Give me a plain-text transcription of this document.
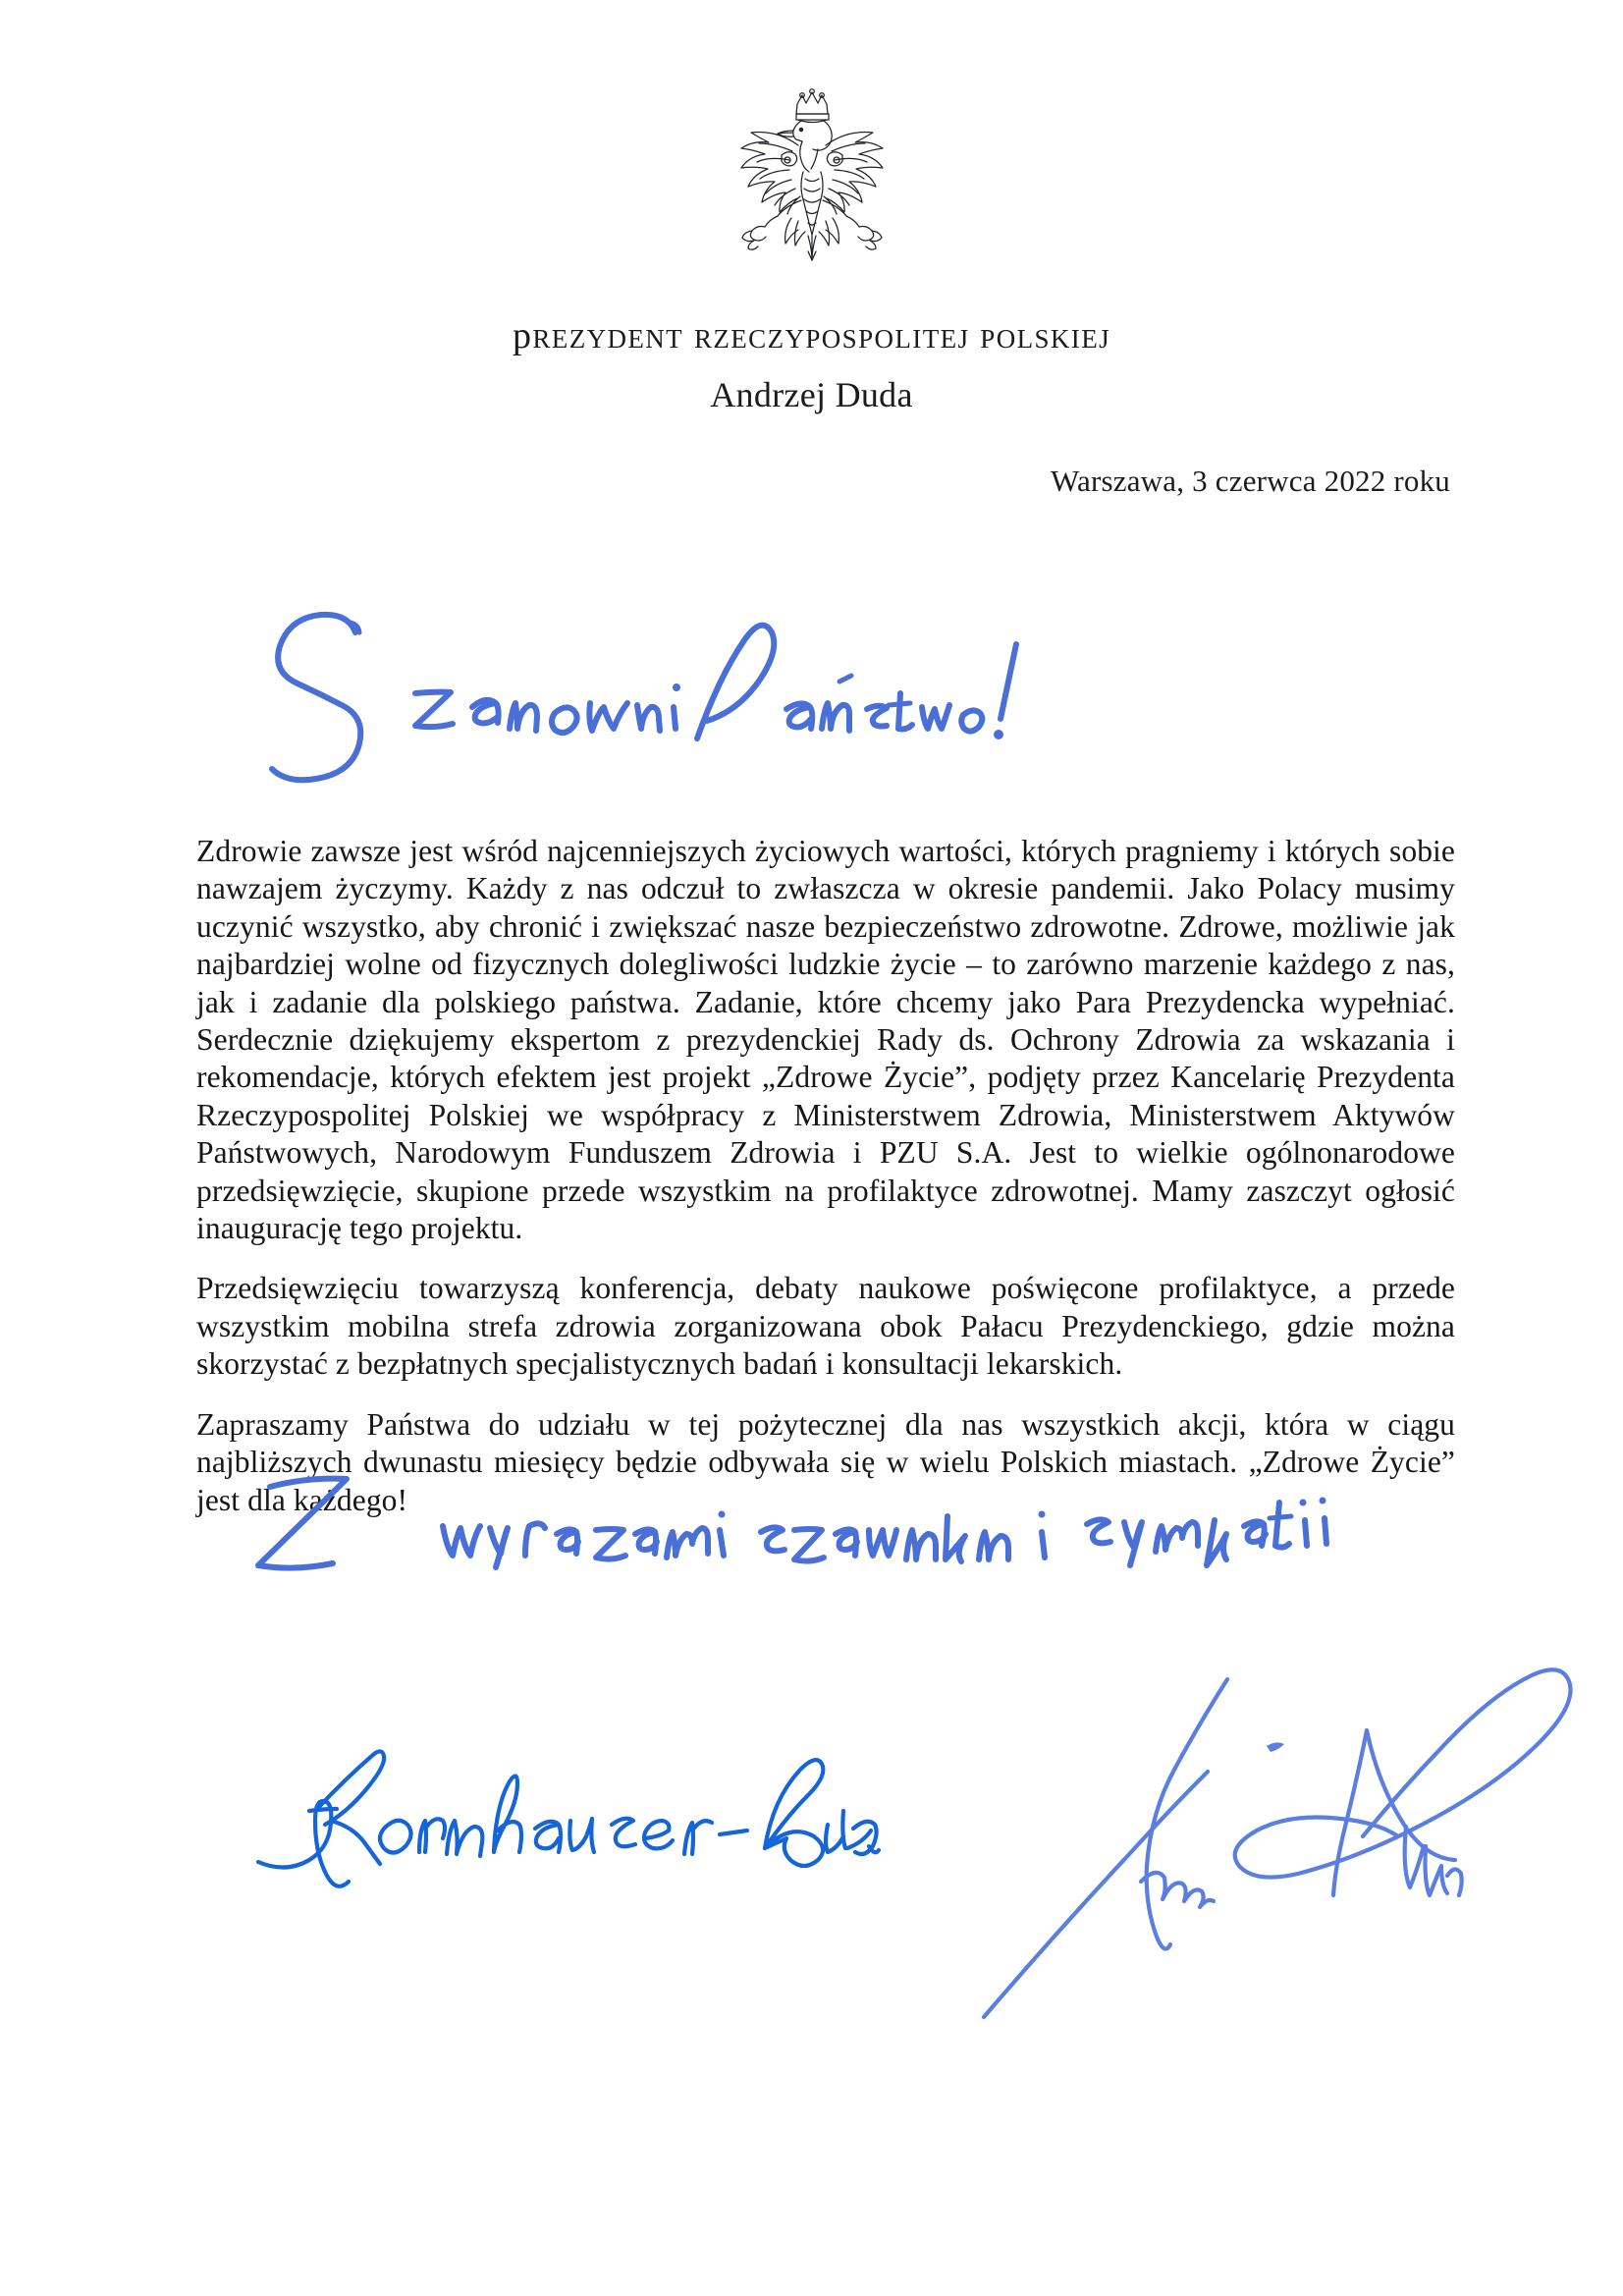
prezydent rzeczypospolitej polskiej
Andrzej Duda
Warszawa, 3 czerwca 2022 roku

Zdrowie zawsze jest wśród najcenniejszych życiowych wartości, których pragniemy i których sobie nawzajem życzymy. Każdy z nas odczuł to zwłaszcza w okresie pandemii. Jako Polacy musimy uczynić wszystko, aby chronić i zwiększać nasze bezpieczeństwo zdrowotne. Zdrowe, możliwie jak najbardziej wolne od fizycznych dolegliwości ludzkie życie – to zarówno marzenie każdego z nas, jak i zadanie dla polskiego państwa. Zadanie, które chcemy jako Para Prezydencka wypełniać. Serdecznie dziękujemy ekspertom z prezydenckiej Rady ds. Ochrony Zdrowia za wskazania i rekomendacje, których efektem jest projekt „Zdrowe Życie”, podjęty przez Kancelarię Prezydenta Rzeczypospolitej Polskiej we współpracy z Ministerstwem Zdrowia, Ministerstwem Aktywów Państwowych, Narodowym Funduszem Zdrowia i PZU S.A. Jest to wielkie ogólnonarodowe przedsięwzięcie, skupione przede wszystkim na profilaktyce zdrowotnej. Mamy zaszczyt ogłosić inaugurację tego projektu.

Przedsięwzięciu towarzyszą konferencja, debaty naukowe poświęcone profilaktyce, a przede wszystkim mobilna strefa zdrowia zorganizowana obok Pałacu Prezydenckiego, gdzie można skorzystać z bezpłatnych specjalistycznych badań i konsultacji lekarskich.

Zapraszamy Państwa do udziału w tej pożytecznej dla nas wszystkich akcji, która w ciągu najbliższych dwunastu miesięcy będzie odbywała się w wielu Polskich miastach. „Zdrowe Życie” jest dla każdego!
